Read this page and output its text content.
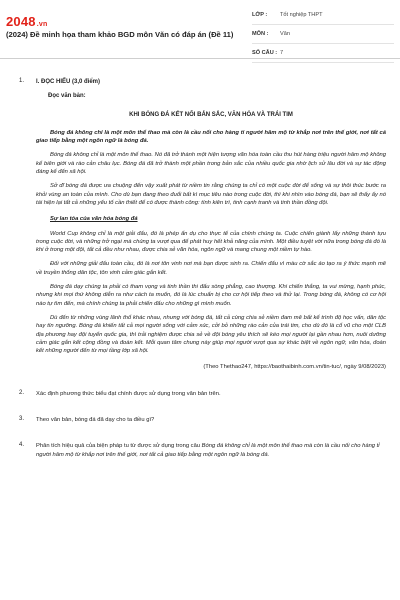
2048.vn
(2024) Đề minh họa tham khảo BGD môn Văn có đáp án (Đề 11)
LỚP :	Tốt nghiệp THPT
MÔN :	Văn
SỐ CÂU : 7
1.	I. ĐỌC HIỂU (3,0 điểm)
Đọc văn bản:
KHI BÓNG ĐÁ KẾT NỐI BẢN SẮC, VĂN HÓA VÀ TRÁI TIM
Bóng đá không chỉ là một môn thể thao mà còn là cầu nối cho hàng tỉ người hâm mộ từ khắp nơi trên thế giới, nơi tất cả giao tiếp bằng một ngôn ngữ là bóng đá.
Bóng đá không chỉ là một môn thể thao. Nó đã trở thành một hiện tượng văn hóa toàn cầu thu hút hàng triệu người hâm mộ không kể biên giới và rào cản châu lục. Bóng đá đã trở thành một phần trong bản sắc của nhiều quốc gia nhờ lịch sử lâu đời và sự tác động đáng kể đến xã hội.
Sở dĩ bóng đá được ưa chuộng đến vậy xuất phát từ niềm tin rằng chúng ta chỉ có một cuộc đời để sống và sự thôi thúc bước ra khỏi vùng an toàn của mình. Cho dù bạn đang theo đuổi bất kì mục tiêu nào trong cuộc đời, thì khi nhìn vào bóng đá, bạn sẽ thấy ấy nó tái hiện lại tất cả những yếu tố cần thiết để có được thành công: tính kiên trì, tinh cạnh tranh và tinh thần đồng đội.
Sự lan tỏa của văn hóa bóng đá
World Cup không chỉ là một giải đấu, đó là phép ẩn dụ cho thực tế của chính chúng ta. Cuộc chiến giành lấy những thành tựu trong cuộc đời, và những trở ngại mà chúng ta vượt qua để phát huy hết khả năng của mình. Một điều tuyệt vời nữa trong bóng đá đó là khi ở trong một đội, tất cả đều như nhau, được chia sẻ văn hóa, ngôn ngữ và mang chung một niềm tự hào.
Đối với những giải đấu toàn cầu, đó là nơi tôn vinh nơi mà bạn được sinh ra. Chiến đấu vì màu cờ sắc áo tạo ra ý thức mạnh mẽ về truyền thống dân tộc, tôn vinh cảm giác gắn kết.
Bóng đá dạy chúng ta phải có tham vọng và tinh thần thi đấu sòng phẳng, cao thượng. Khi chiến thắng, ta vui mừng, hạnh phúc, nhưng khi mọi thứ không diễn ra như cách ta muốn, đó là lúc chuẩn bị cho cơ hội tiếp theo và thử lại. Trong bóng đá, không có cơ hội nào tự tìm đến, mà chính chúng ta phải chiến đấu cho những gì mình muốn.
Dù đến từ những vùng lãnh thổ khác nhau, nhưng với bóng đá, tất cả cùng chia sẻ niềm đam mê bất kể trình độ học vấn, dân tộc hay tín ngưỡng. Bóng đá khiến tất cả mọi người sống với cảm xúc, cởi bỏ những rào cản của trái tim, cho dù đó là cổ vũ cho một CLB địa phương hay đội tuyển quốc gia, thì trải nghiệm được chia sẻ về đội bóng yêu thích sẽ kéo mọi người lại gần nhau hơn, nuôi dưỡng cảm giác gắn kết cộng đồng và đoàn kết. Mỗi quan tâm chung này giúp mọi người vượt qua sự khác biệt về ngôn ngữ, văn hóa, đoàn kết những người đến từ mọi tầng lớp xã hội.
(Theo Thethao247, https://baothaibinh.com.vn/tin-tuc/, ngày 9/08/2023)
2.	Xác định phương thức biểu đạt chính được sử dụng trong văn bản trên.
3.	Theo văn bản, bóng đá đã dạy cho ta điều gì?
4.	Phân tích hiệu quả của biện pháp tu từ được sử dụng trong câu Bóng đá không chỉ là một môn thể thao mà còn là cầu nối cho hàng tỉ người hâm mộ từ khắp nơi trên thế giới, nơi tất cả giao tiếp bằng một ngôn ngữ là bóng đá.
